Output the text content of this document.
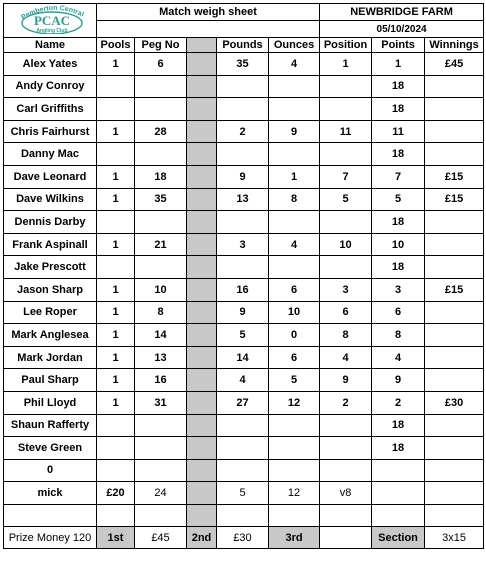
Pemberton Central
PCAC
Angling Club	Match weigh sheet					NEWBRIDGE FARM		
						05/10/2024		
Name	Pools	Peg No		Pounds	Ounces	Position	Points	Winnings
Alex Yates	1	6		35	4	1	1	£45
Andy Conroy							18	
Carl Griffiths							18	
Chris Fairhurst	1	28		2	9	11	11	
Danny Mac							18	
Dave Leonard	1	18		9	1	7	7	£15
Dave Wilkins	1	35		13	8	5	5	£15
Dennis Darby							18	
Frank Aspinall	1	21		3	4	10	10	
Jake Prescott							18	
Jason Sharp	1	10		16	6	3	3	£15
Lee Roper	1	8		9	10	6	6	
Mark Anglesea	1	14		5	0	8	8	
Mark Jordan	1	13		14	6	4	4	
Paul Sharp	1	16		4	5	9	9	
Phil Lloyd	1	31		27	12	2	2	£30
Shaun Rafferty							18	
Steve Green							18	
0								
mick	£20	24		5	12	v8		

Prize Money 120	1st	£45	2nd	£30	3rd		Section	3x15
